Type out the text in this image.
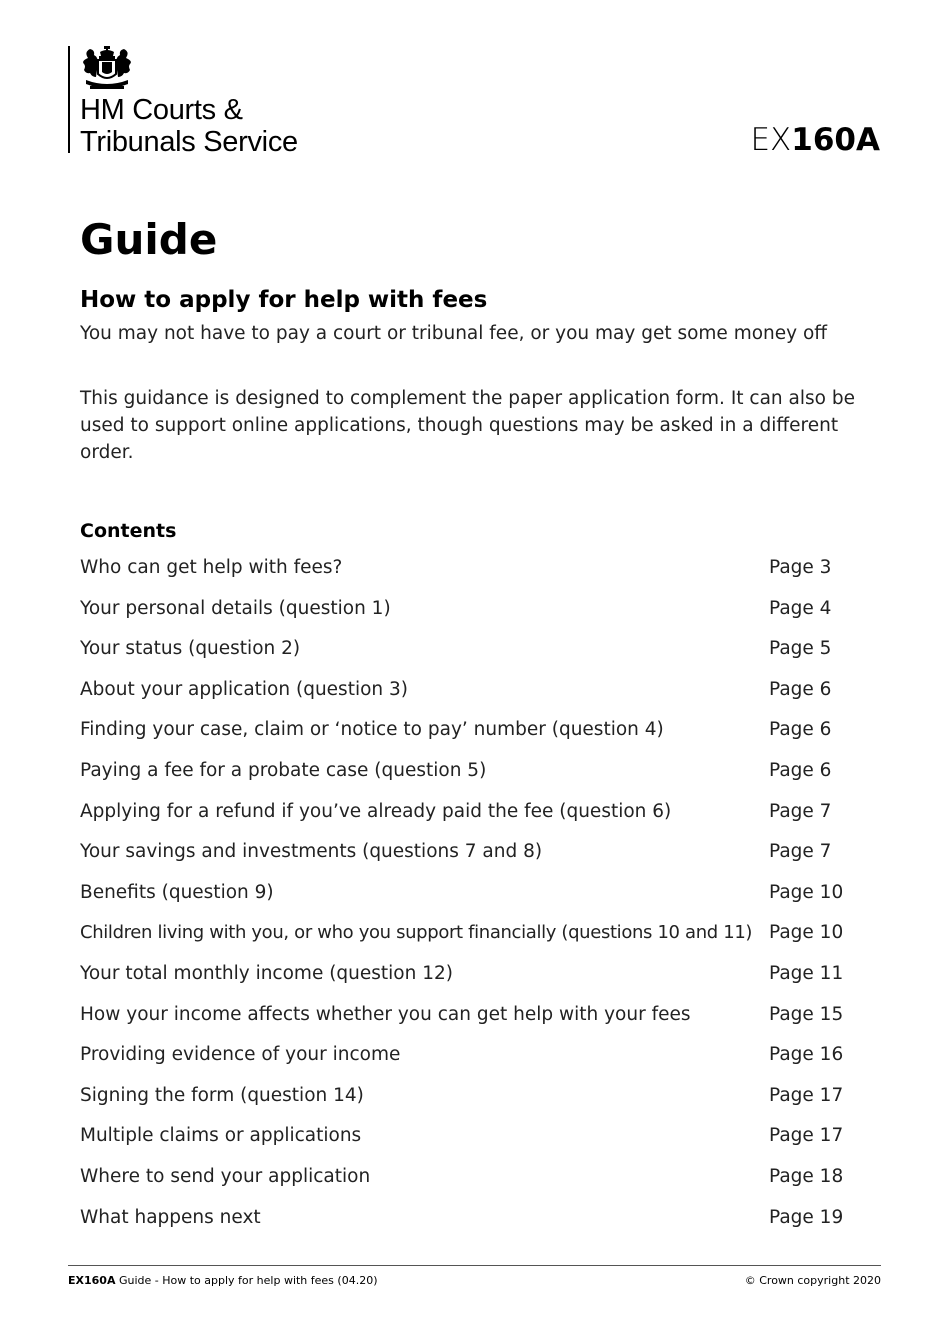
HM Courts &
Tribunals Service	EX160A
Guide
How to apply for help with fees
You may not have to pay a court or tribunal fee, or you may get some money off
This guidance is designed to complement the paper application form. It can also be used to support online applications, though questions may be asked in a different order.
Contents
Who can get help with fees?	Page 3
Your personal details (question 1)	Page 4
Your status (question 2)	Page 5
About your application (question 3)	Page 6
Finding your case, claim or ‘notice to pay’ number (question 4)	Page 6
Paying a fee for a probate case (question 5)	Page 6
Applying for a refund if you’ve already paid the fee (question 6)	Page 7
Your savings and investments (questions 7 and 8)	Page 7
Benefits (question 9)	Page 10
Children living with you, or who you support financially (questions 10 and 11) Page 10
Your total monthly income (question 12)	Page 11
How your income affects whether you can get help with your fees	Page 15
Providing evidence of your income	Page 16
Signing the form (question 14)	Page 17
Multiple claims or applications	Page 17
Where to send your application	Page 18
What happens next	Page 19
EX160A Guide - How to apply for help with fees (04.20)	© Crown copyright 2020
